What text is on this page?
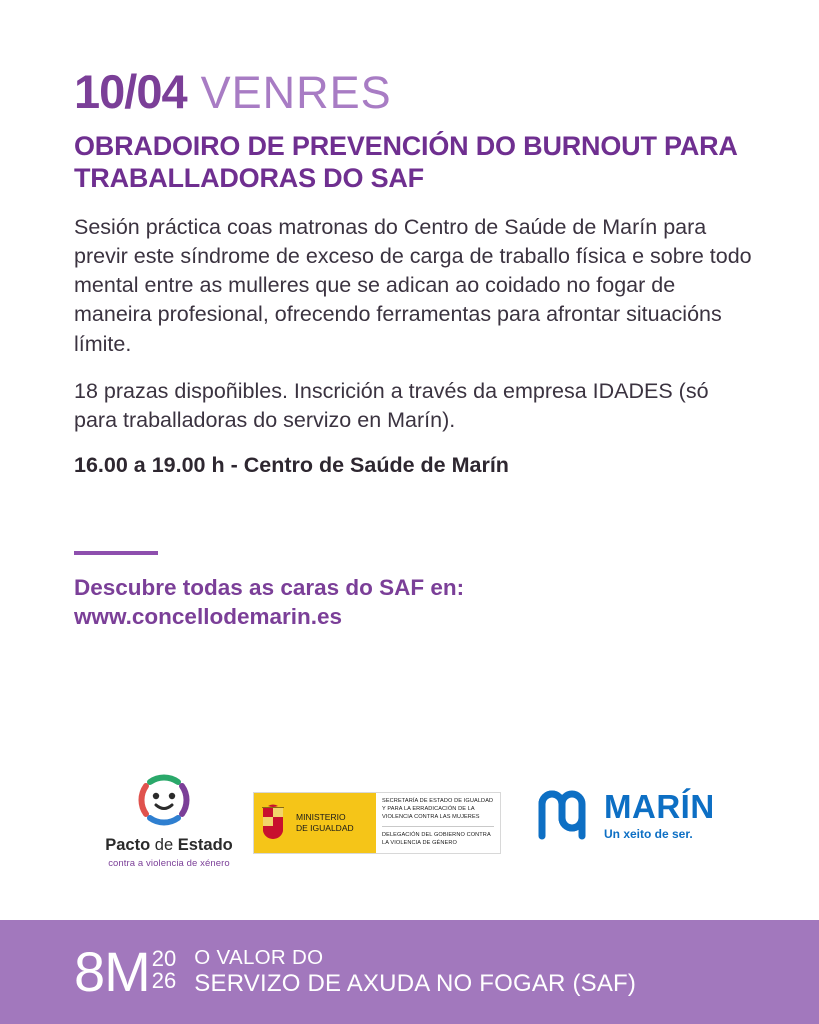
10/04 VENRES
OBRADOIRO DE PREVENCIÓN DO BURNOUT PARA TRABALLADORAS DO SAF

Sesión práctica coas matronas do Centro de Saúde de Marín para previr este síndrome de exceso de carga de traballo física e sobre todo mental entre as mulleres que se adican ao coidado no fogar de maneira profesional, ofrecendo ferramentas para afrontar situacións límite.

18 prazas dispoñibles. Inscrición a través da empresa IDADES (só para traballadoras do servizo en Marín).

16.00 a 19.00 h - Centro de Saúde de Marín

Descubre todas as caras do SAF en:
www.concellodemarin.es
Pacto de Estado
contra a violencia de xénero
MINISTERIO
DE IGUALDAD
SECRETARÍA DE ESTADO DE IGUALDAD Y PARA LA ERRADICACIÓN DE LA VIOLENCIA CONTRA LAS MUJERES
DELEGACIÓN DEL GOBIERNO CONTRA LA VIOLENCIA DE GÉNERO
MARÍN
Un xeito de ser.
8M 20
26
O VALOR DO
SERVIZO DE AXUDA NO FOGAR (SAF)
